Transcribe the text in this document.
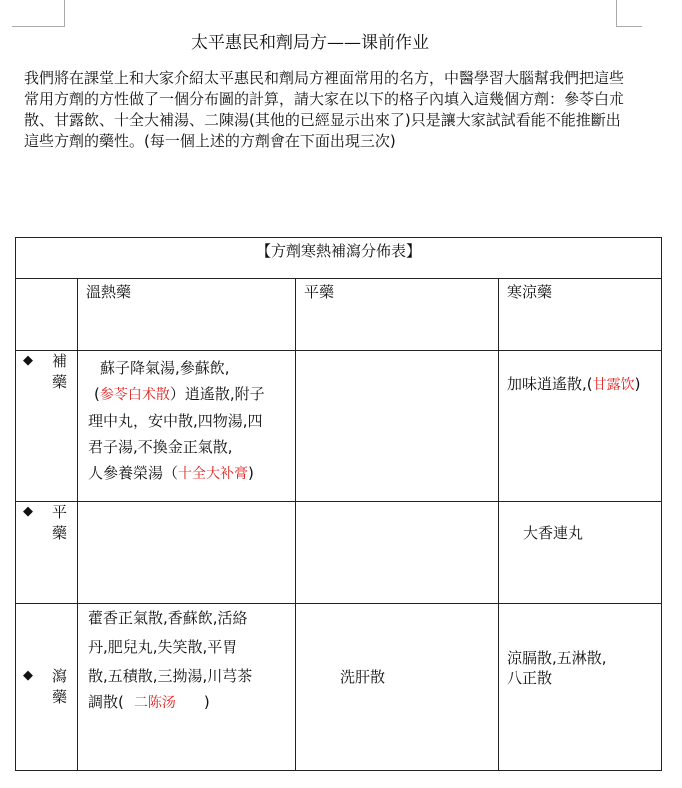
太平惠民和劑局方——课前作业
我們將在課堂上和大家介紹太平惠民和劑局方裡面常用的名方，中醫學習大腦幫我們把這些常用方劑的方性做了一個分布圖的計算，請大家在以下的格子內填入這幾個方劑：參苓白朮散、甘露飲、十全大補湯、二陳湯(其他的已經显示出來了)只是讓大家試試看能不能推斷出這些方劑的藥性。(每一個上述的方劑會在下面出現三次)
【方劑寒熱補瀉分佈表】			
	溫熱藥	平藥	寒涼藥

◆ 補藥	蘇子降氣湯,參蘇飲,
(参苓白术散）逍遙散,附子
理中丸，安中散,四物湯,四
君子湯,不換金正氣散,
人參養榮湯（十全大补膏)		加味逍遙散,(甘露饮)

◆ 平藥			大香連丸

◆ 瀉藥	藿香正氣散,香蘇飲,活絡
丹,肥兒丸,失笑散,平胃
散,五積散,三拗湯,川芎茶
調散( 二陈汤 )	洗肝散	涼膈散,五淋散,
八正散
